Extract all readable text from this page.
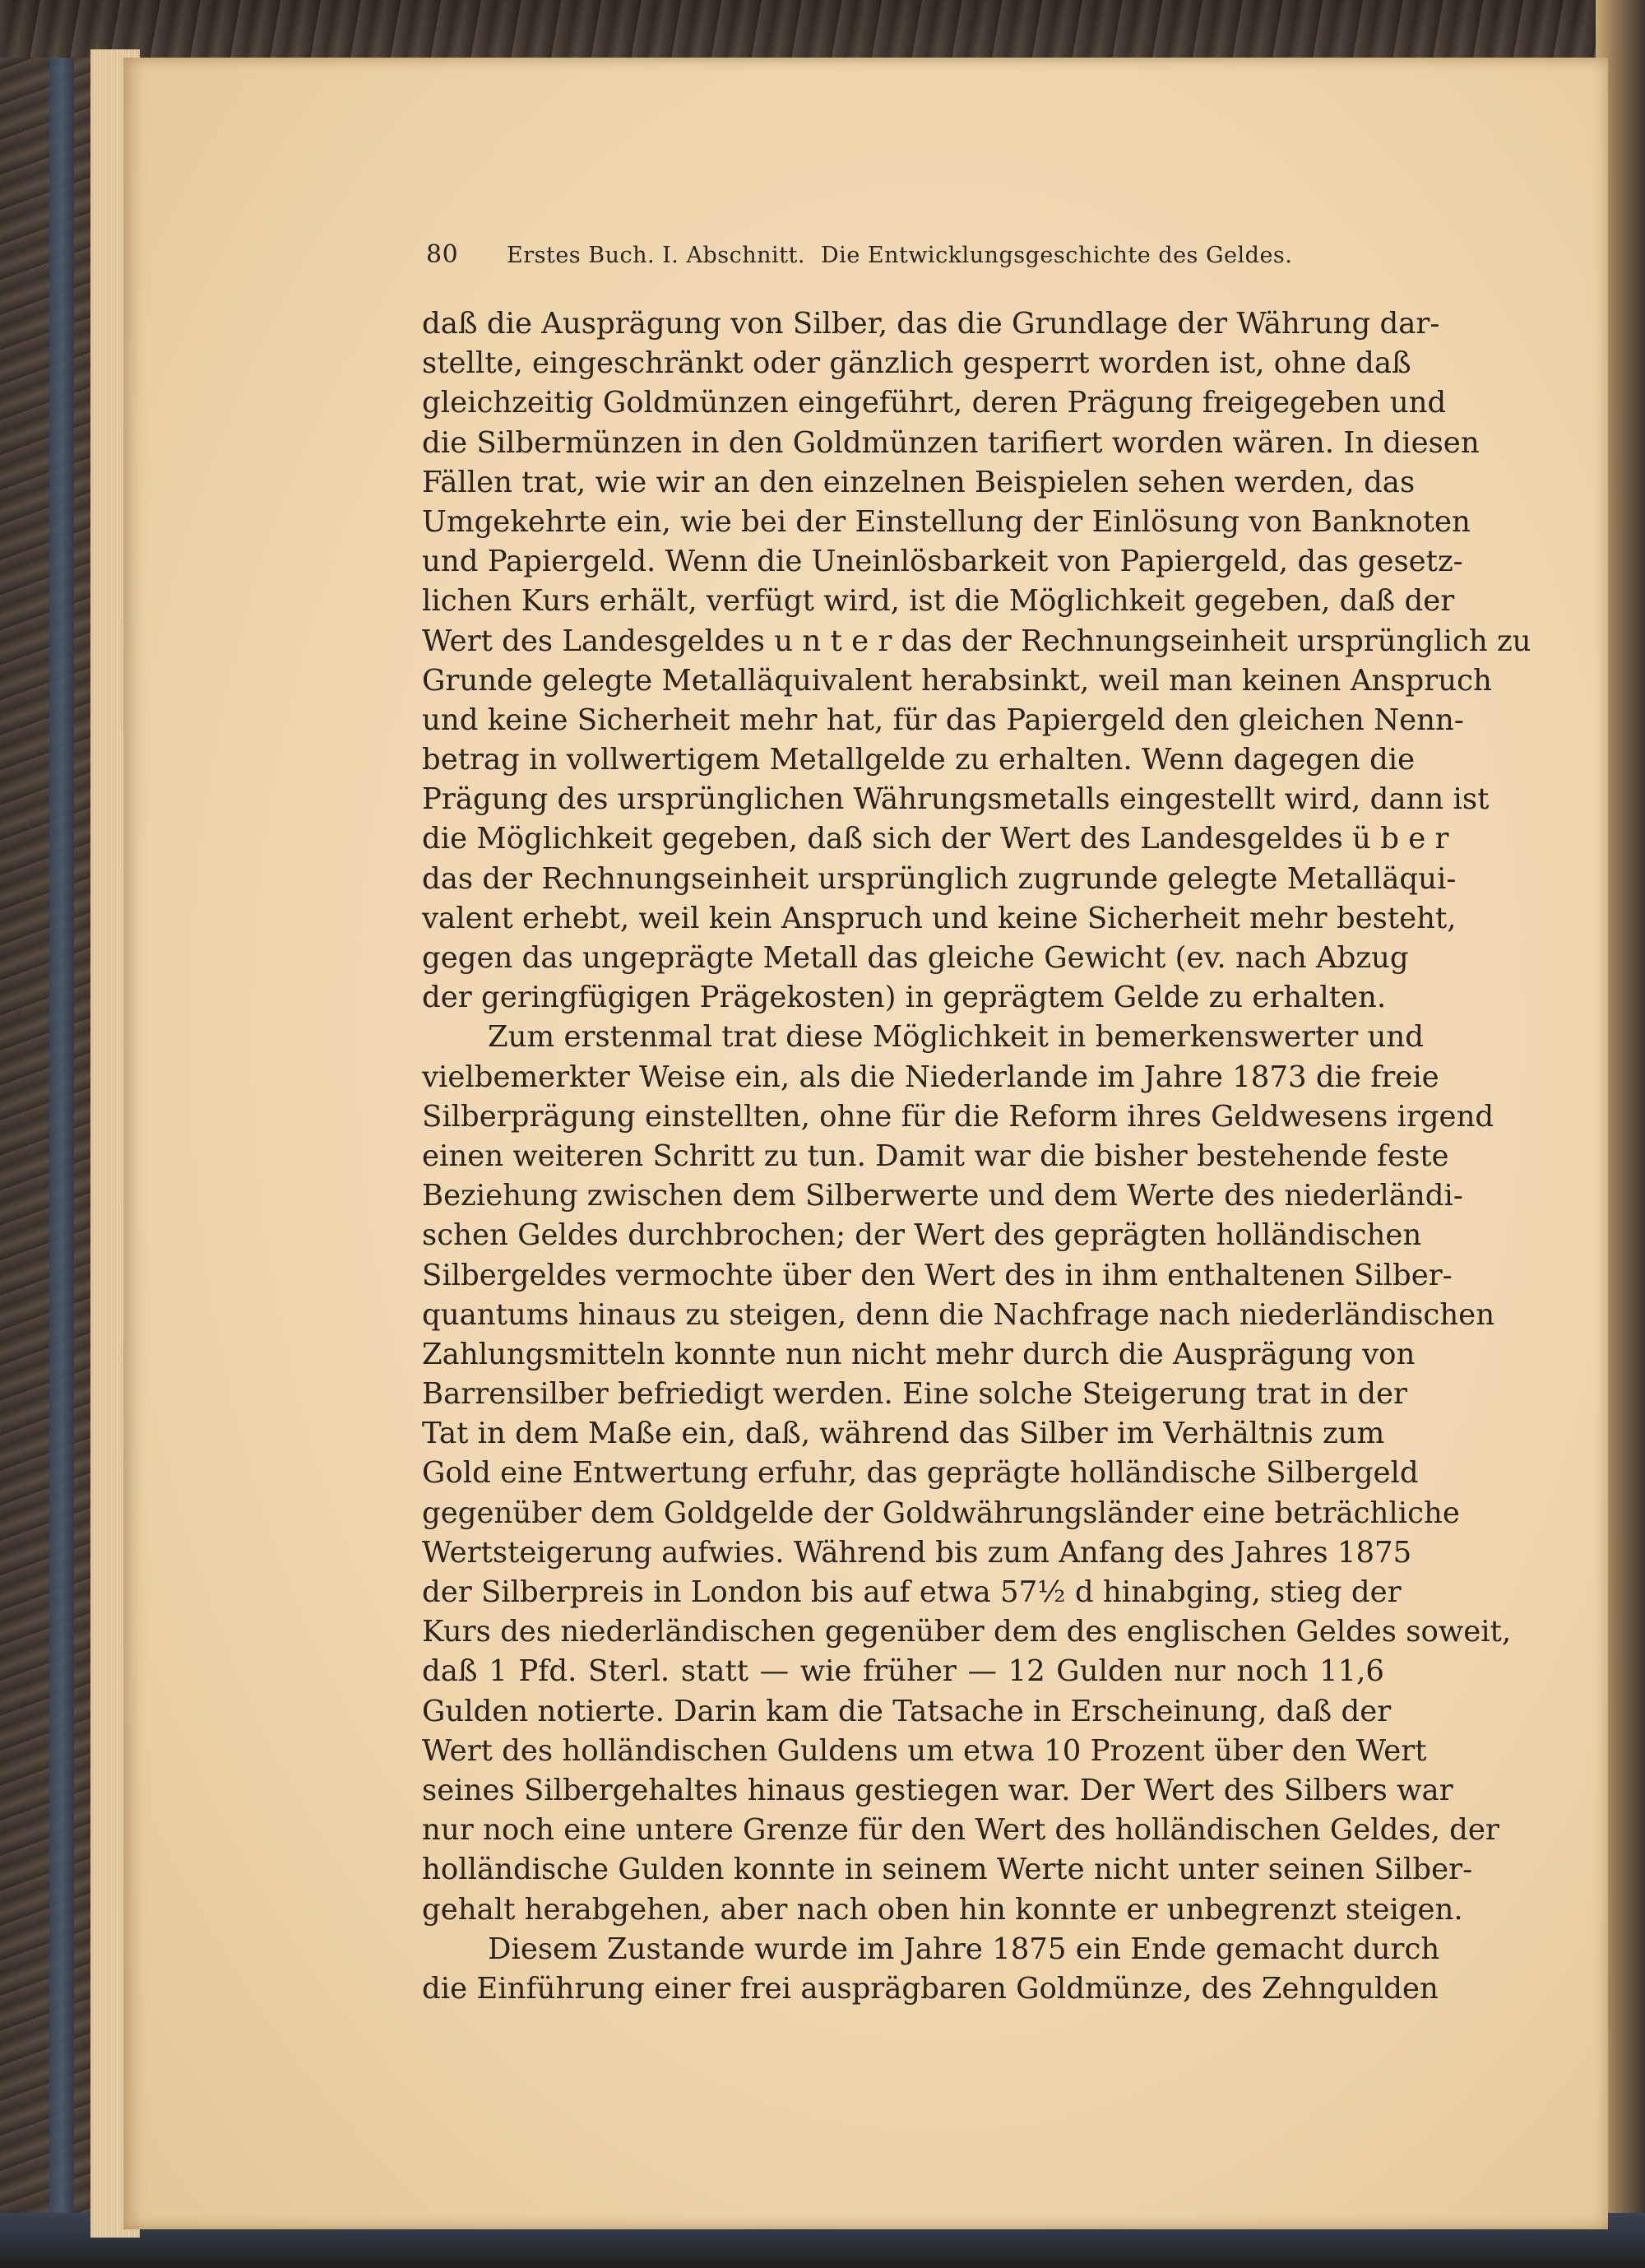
80 Erstes Buch. I. Abschnitt. Die Entwicklungsgeschichte des Geldes.
daß die Ausprägung von Silber, das die Grundlage der Währung dar-
stellte, eingeschränkt oder gänzlich gesperrt worden ist, ohne daß
gleichzeitig Goldmünzen eingeführt, deren Prägung freigegeben und
die Silbermünzen in den Goldmünzen tarifiert worden wären. In diesen
Fällen trat, wie wir an den einzelnen Beispielen sehen werden, das
Umgekehrte ein, wie bei der Einstellung der Einlösung von Banknoten
und Papiergeld. Wenn die Uneinlösbarkeit von Papiergeld, das gesetz-
lichen Kurs erhält, verfügt wird, ist die Möglichkeit gegeben, daß der
Wert des Landesgeldes u n t e r das der Rechnungseinheit ursprünglich zu
Grunde gelegte Metalläquivalent herabsinkt, weil man keinen Anspruch
und keine Sicherheit mehr hat, für das Papiergeld den gleichen Nenn-
betrag in vollwertigem Metallgelde zu erhalten. Wenn dagegen die
Prägung des ursprünglichen Währungsmetalls eingestellt wird, dann ist
die Möglichkeit gegeben, daß sich der Wert des Landesgeldes ü b e r
das der Rechnungseinheit ursprünglich zugrunde gelegte Metalläqui-
valent erhebt, weil kein Anspruch und keine Sicherheit mehr besteht,
gegen das ungeprägte Metall das gleiche Gewicht (ev. nach Abzug
der geringfügigen Prägekosten) in geprägtem Gelde zu erhalten.
Zum erstenmal trat diese Möglichkeit in bemerkenswerter und
vielbemerkter Weise ein, als die Niederlande im Jahre 1873 die freie
Silberprägung einstellten, ohne für die Reform ihres Geldwesens irgend
einen weiteren Schritt zu tun. Damit war die bisher bestehende feste
Beziehung zwischen dem Silberwerte und dem Werte des niederländi-
schen Geldes durchbrochen; der Wert des geprägten holländischen
Silbergeldes vermochte über den Wert des in ihm enthaltenen Silber-
quantums hinaus zu steigen, denn die Nachfrage nach niederländischen
Zahlungsmitteln konnte nun nicht mehr durch die Ausprägung von
Barrensilber befriedigt werden. Eine solche Steigerung trat in der
Tat in dem Maße ein, daß, während das Silber im Verhältnis zum
Gold eine Entwertung erfuhr, das geprägte holländische Silbergeld
gegenüber dem Goldgelde der Goldwährungsländer eine beträchliche
Wertsteigerung aufwies. Während bis zum Anfang des Jahres 1875
der Silberpreis in London bis auf etwa 57½ d hinabging, stieg der
Kurs des niederländischen gegenüber dem des englischen Geldes soweit,
daß 1 Pfd. Sterl. statt — wie früher — 12 Gulden nur noch 11,6
Gulden notierte. Darin kam die Tatsache in Erscheinung, daß der
Wert des holländischen Guldens um etwa 10 Prozent über den Wert
seines Silbergehaltes hinaus gestiegen war. Der Wert des Silbers war
nur noch eine untere Grenze für den Wert des holländischen Geldes, der
holländische Gulden konnte in seinem Werte nicht unter seinen Silber-
gehalt herabgehen, aber nach oben hin konnte er unbegrenzt steigen.
Diesem Zustande wurde im Jahre 1875 ein Ende gemacht durch
die Einführung einer frei ausprägbaren Goldmünze, des Zehngulden
